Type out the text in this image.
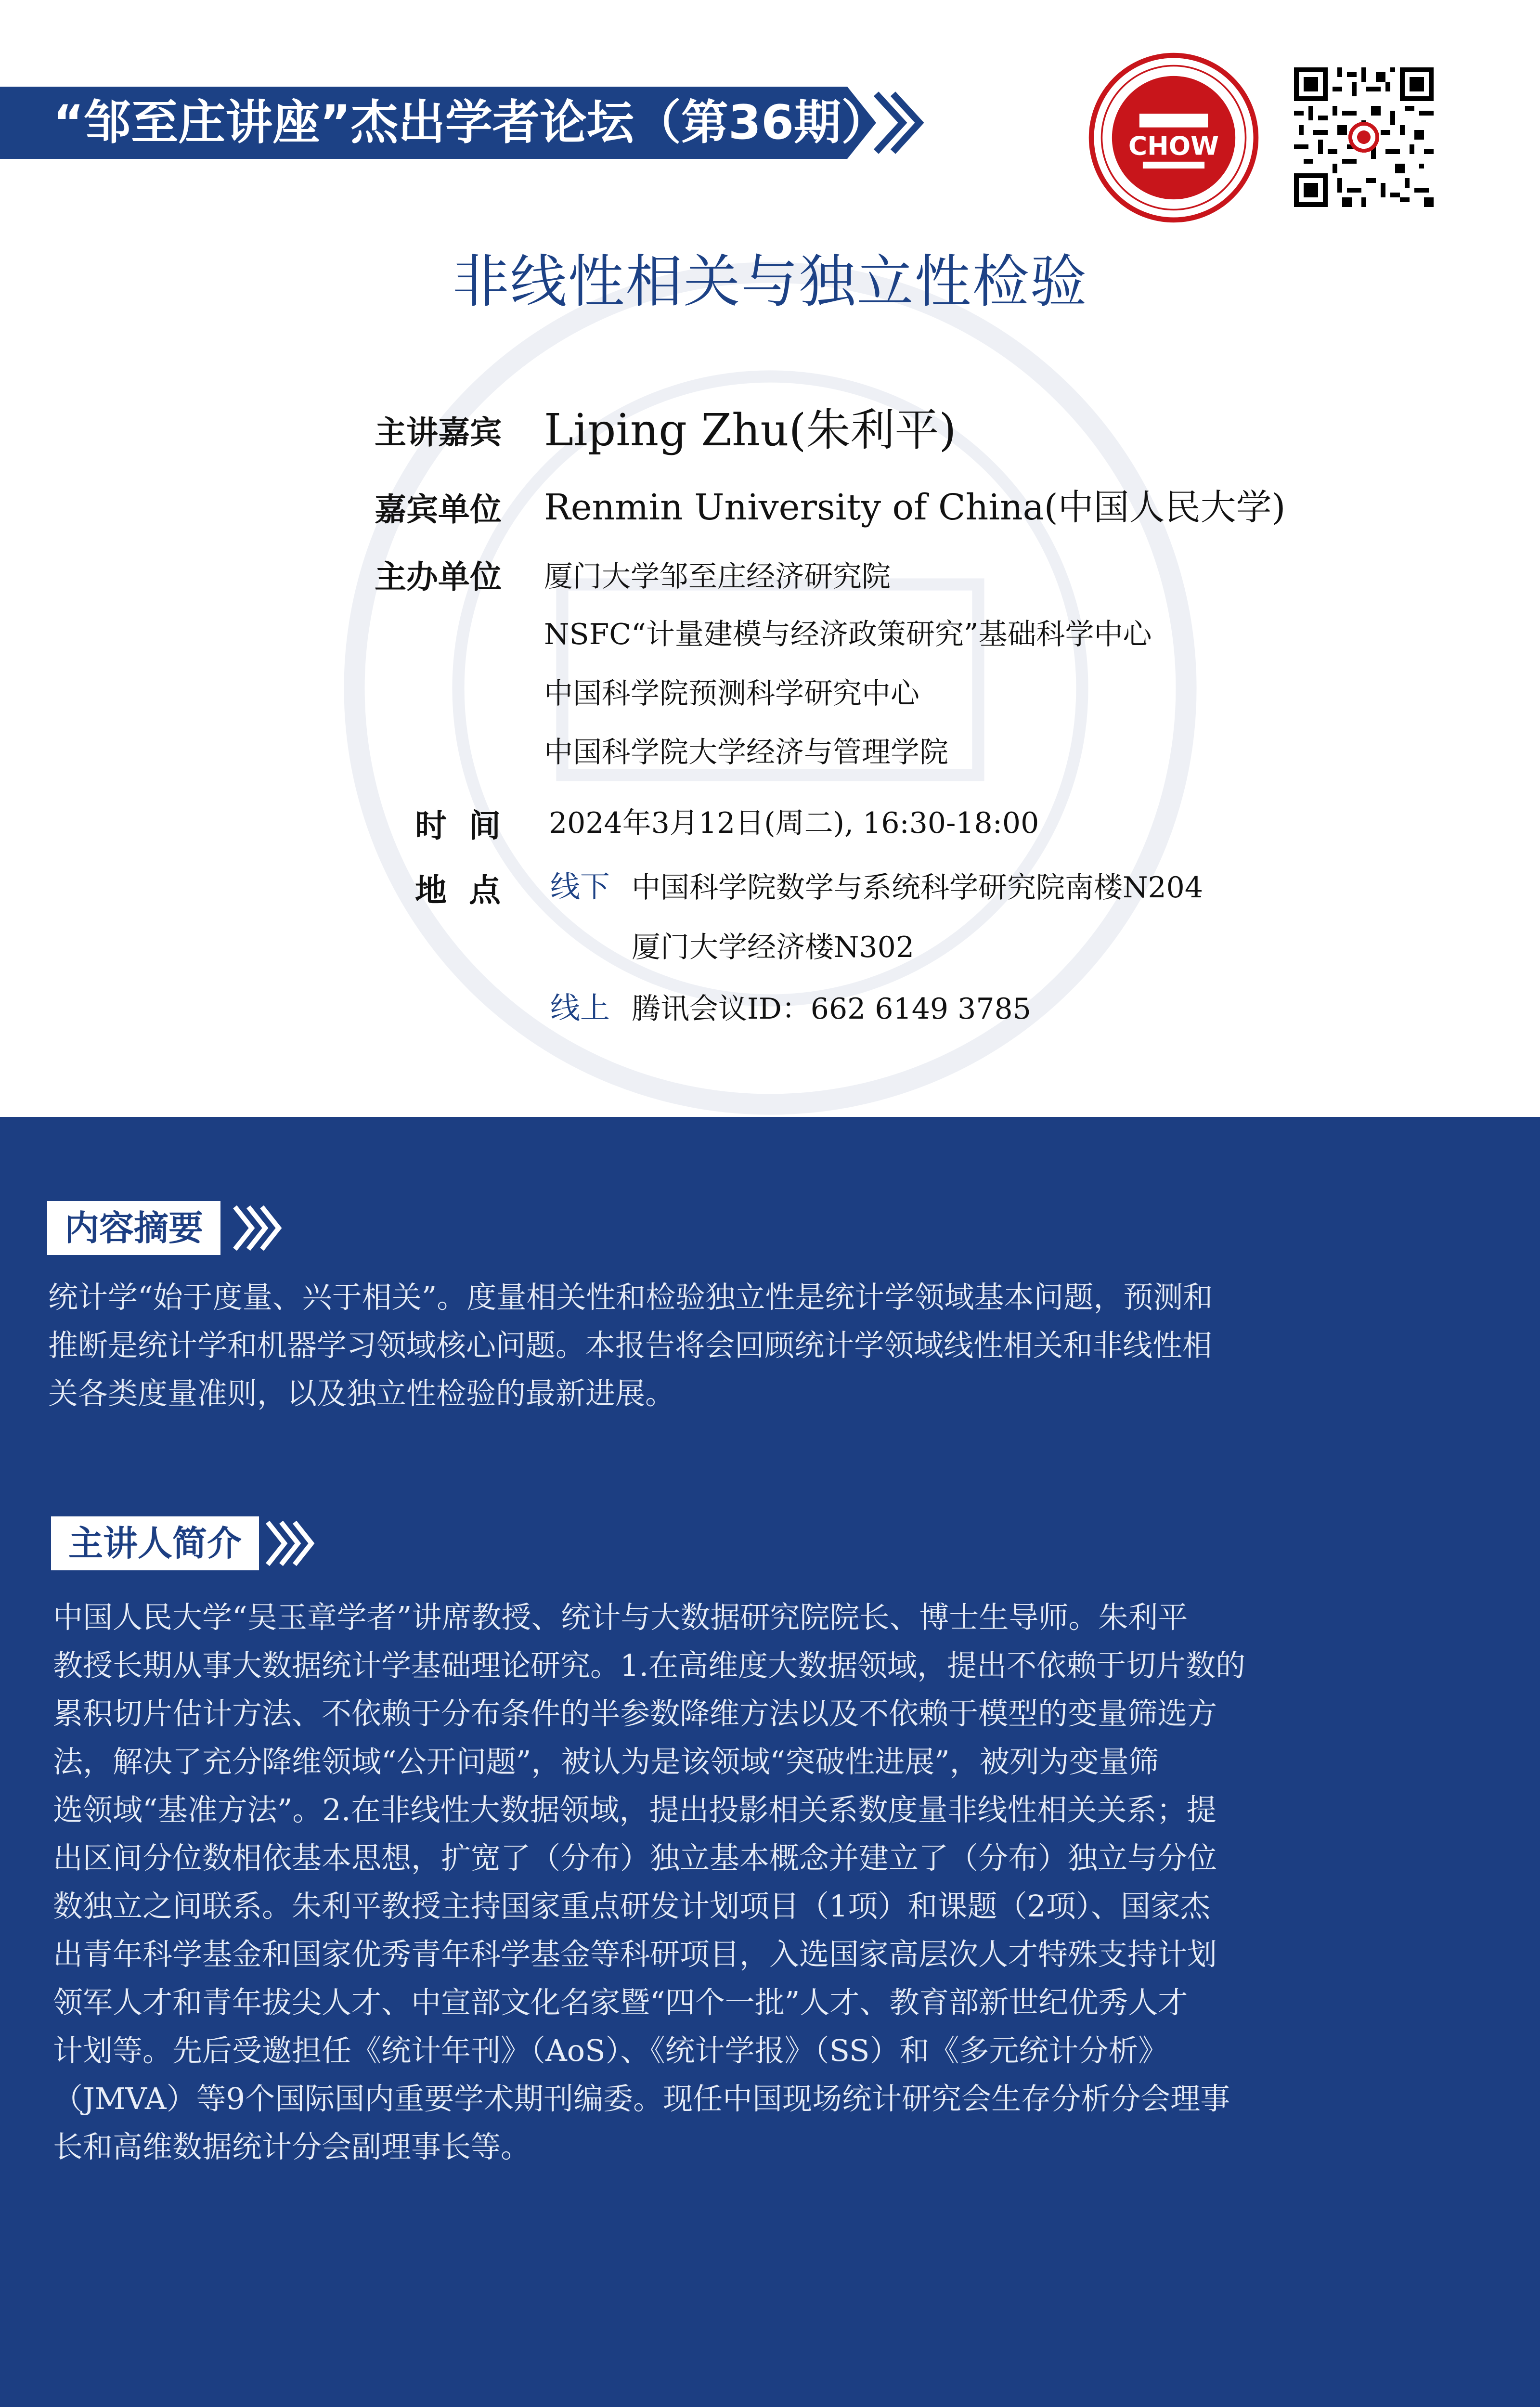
“邹至庄讲座”杰出学者论坛（第36期）	CHOW
非线性相关与独立性检验
主讲嘉宾 Liping Zhu(朱利平)
嘉宾单位 Renmin University of China(中国人民大学)
主办单位 厦门大学邹至庄经济研究院
NSFC“计量建模与经济政策研究”基础科学中心
中国科学院预测科学研究中心
中国科学院大学经济与管理学院
时  间 2024年3月12日(周二), 16:30-18:00
地  点 线下 中国科学院数学与系统科学研究院南楼N204
厦门大学经济楼N302
线上 腾讯会议ID：662 6149 3785
内容摘要
统计学“始于度量、兴于相关”。度量相关性和检验独立性是统计学领域基本问题，预测和
推断是统计学和机器学习领域核心问题。本报告将会回顾统计学领域线性相关和非线性相
关各类度量准则，以及独立性检验的最新进展。
主讲人简介
中国人民大学“吴玉章学者”讲席教授、统计与大数据研究院院长、博士生导师。朱利平
教授长期从事大数据统计学基础理论研究。1.在高维度大数据领域，提出不依赖于切片数的
累积切片估计方法、不依赖于分布条件的半参数降维方法以及不依赖于模型的变量筛选方
法，解决了充分降维领域“公开问题”，被认为是该领域“突破性进展”，被列为变量筛
选领域“基准方法”。2.在非线性大数据领域，提出投影相关系数度量非线性相关关系；提
出区间分位数相依基本思想，扩宽了（分布）独立基本概念并建立了（分布）独立与分位
数独立之间联系。朱利平教授主持国家重点研发计划项目（1项）和课题（2项）、国家杰
出青年科学基金和国家优秀青年科学基金等科研项目，入选国家高层次人才特殊支持计划
领军人才和青年拔尖人才、中宣部文化名家暨“四个一批”人才、教育部新世纪优秀人才
计划等。先后受邀担任《统计年刊》（AoS）、《统计学报》（SS）和《多元统计分析》
（JMVA）等9个国际国内重要学术期刊编委。现任中国现场统计研究会生存分析分会理事
长和高维数据统计分会副理事长等。
